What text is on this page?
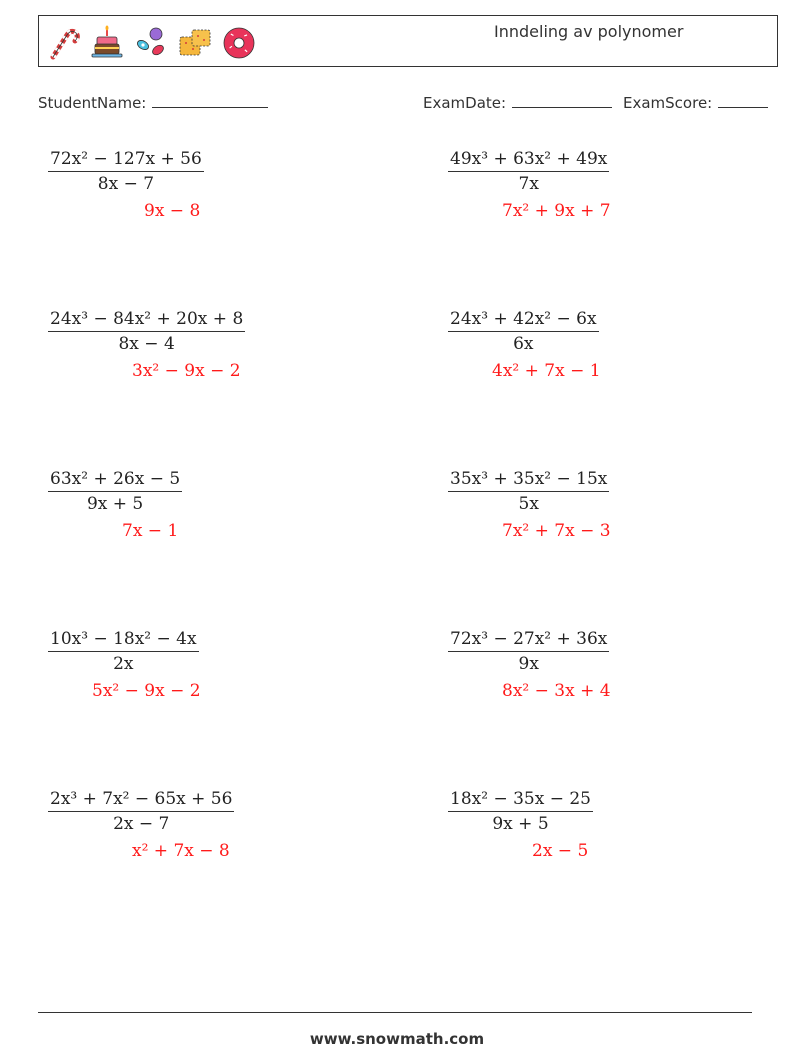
Inndeling av polynomer
StudentName:	ExamDate:	ExamScore:
72x² − 127x + 56
8x − 7
9x − 8
24x³ − 84x² + 20x + 8
8x − 4
3x² − 9x − 2
63x² + 26x − 5
9x + 5
7x − 1
10x³ − 18x² − 4x
2x
5x² − 9x − 2
2x³ + 7x² − 65x + 56
2x − 7
x² + 7x − 8
49x³ + 63x² + 49x
7x
7x² + 9x + 7
24x³ + 42x² − 6x
6x
4x² + 7x − 1
35x³ + 35x² − 15x
5x
7x² + 7x − 3
72x³ − 27x² + 36x
9x
8x² − 3x + 4
18x² − 35x − 25
9x + 5
2x − 5
www.snowmath.com
